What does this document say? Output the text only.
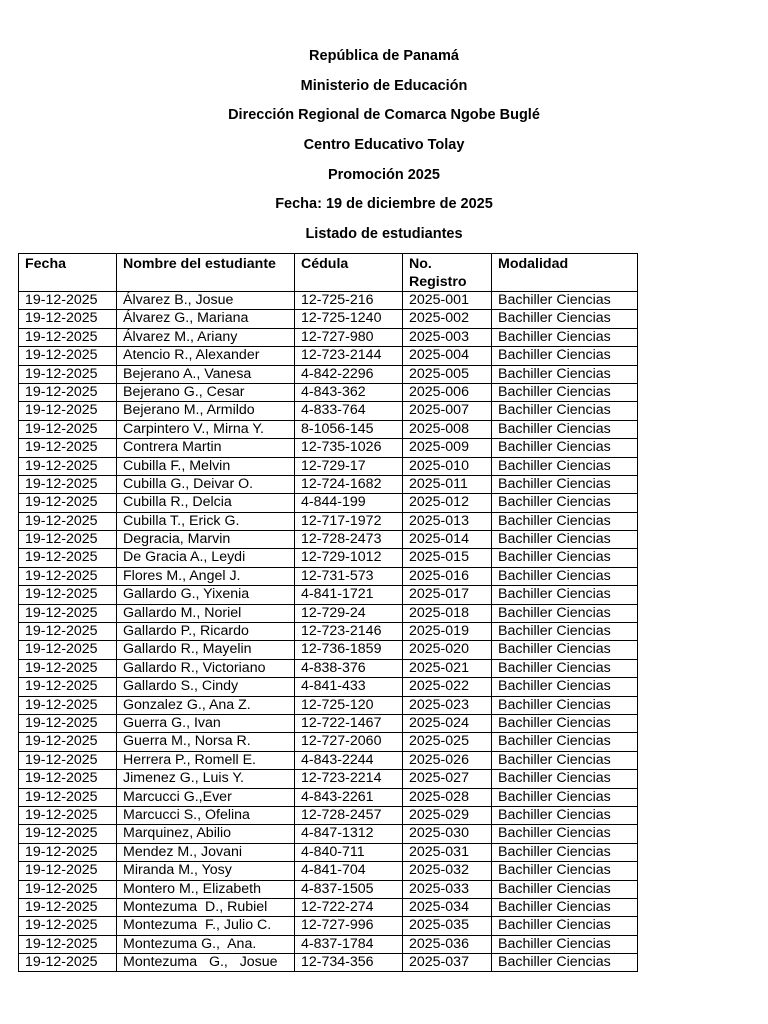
República de Panamá
Ministerio de Educación
Dirección Regional de Comarca Ngobe Buglé
Centro Educativo Tolay
Promoción 2025
Fecha: 19 de diciembre de 2025
Listado de estudiantes
Fecha	Nombre del estudiante	Cédula	No. Registro	Modalidad
19-12-2025	Álvarez B., Josue	12-725-216	2025-001	Bachiller Ciencias
19-12-2025	Álvarez G., Mariana	12-725-1240	2025-002	Bachiller Ciencias
19-12-2025	Álvarez M., Ariany	12-727-980	2025-003	Bachiller Ciencias
19-12-2025	Atencio R., Alexander	12-723-2144	2025-004	Bachiller Ciencias
19-12-2025	Bejerano A., Vanesa	4-842-2296	2025-005	Bachiller Ciencias
19-12-2025	Bejerano G., Cesar	4-843-362	2025-006	Bachiller Ciencias
19-12-2025	Bejerano M., Armildo	4-833-764	2025-007	Bachiller Ciencias
19-12-2025	Carpintero V., Mirna Y.	8-1056-145	2025-008	Bachiller Ciencias
19-12-2025	Contrera Martin	12-735-1026	2025-009	Bachiller Ciencias
19-12-2025	Cubilla F., Melvin	12-729-17	2025-010	Bachiller Ciencias
19-12-2025	Cubilla G., Deivar O.	12-724-1682	2025-011	Bachiller Ciencias
19-12-2025	Cubilla R., Delcia	4-844-199	2025-012	Bachiller Ciencias
19-12-2025	Cubilla T., Erick G.	12-717-1972	2025-013	Bachiller Ciencias
19-12-2025	Degracia, Marvin	12-728-2473	2025-014	Bachiller Ciencias
19-12-2025	De Gracia A., Leydi	12-729-1012	2025-015	Bachiller Ciencias
19-12-2025	Flores M., Angel J.	12-731-573	2025-016	Bachiller Ciencias
19-12-2025	Gallardo G., Yixenia	4-841-1721	2025-017	Bachiller Ciencias
19-12-2025	Gallardo M., Noriel	12-729-24	2025-018	Bachiller Ciencias
19-12-2025	Gallardo P., Ricardo	12-723-2146	2025-019	Bachiller Ciencias
19-12-2025	Gallardo R., Mayelin	12-736-1859	2025-020	Bachiller Ciencias
19-12-2025	Gallardo R., Victoriano	4-838-376	2025-021	Bachiller Ciencias
19-12-2025	Gallardo S., Cindy	4-841-433	2025-022	Bachiller Ciencias
19-12-2025	Gonzalez G., Ana Z.	12-725-120	2025-023	Bachiller Ciencias
19-12-2025	Guerra G., Ivan	12-722-1467	2025-024	Bachiller Ciencias
19-12-2025	Guerra M., Norsa R.	12-727-2060	2025-025	Bachiller Ciencias
19-12-2025	Herrera P., Romell E.	4-843-2244	2025-026	Bachiller Ciencias
19-12-2025	Jimenez G., Luis Y.	12-723-2214	2025-027	Bachiller Ciencias
19-12-2025	Marcucci G.,Ever	4-843-2261	2025-028	Bachiller Ciencias
19-12-2025	Marcucci S., Ofelina	12-728-2457	2025-029	Bachiller Ciencias
19-12-2025	Marquinez, Abilio	4-847-1312	2025-030	Bachiller Ciencias
19-12-2025	Mendez M., Jovani	4-840-711	2025-031	Bachiller Ciencias
19-12-2025	Miranda M., Yosy	4-841-704	2025-032	Bachiller Ciencias
19-12-2025	Montero M., Elizabeth	4-837-1505	2025-033	Bachiller Ciencias
19-12-2025	Montezuma  D., Rubiel	12-722-274	2025-034	Bachiller Ciencias
19-12-2025	Montezuma  F., Julio C.	12-727-996	2025-035	Bachiller Ciencias
19-12-2025	Montezuma G.,  Ana.	4-837-1784	2025-036	Bachiller Ciencias
19-12-2025	Montezuma   G.,   Josue	12-734-356	2025-037	Bachiller Ciencias
